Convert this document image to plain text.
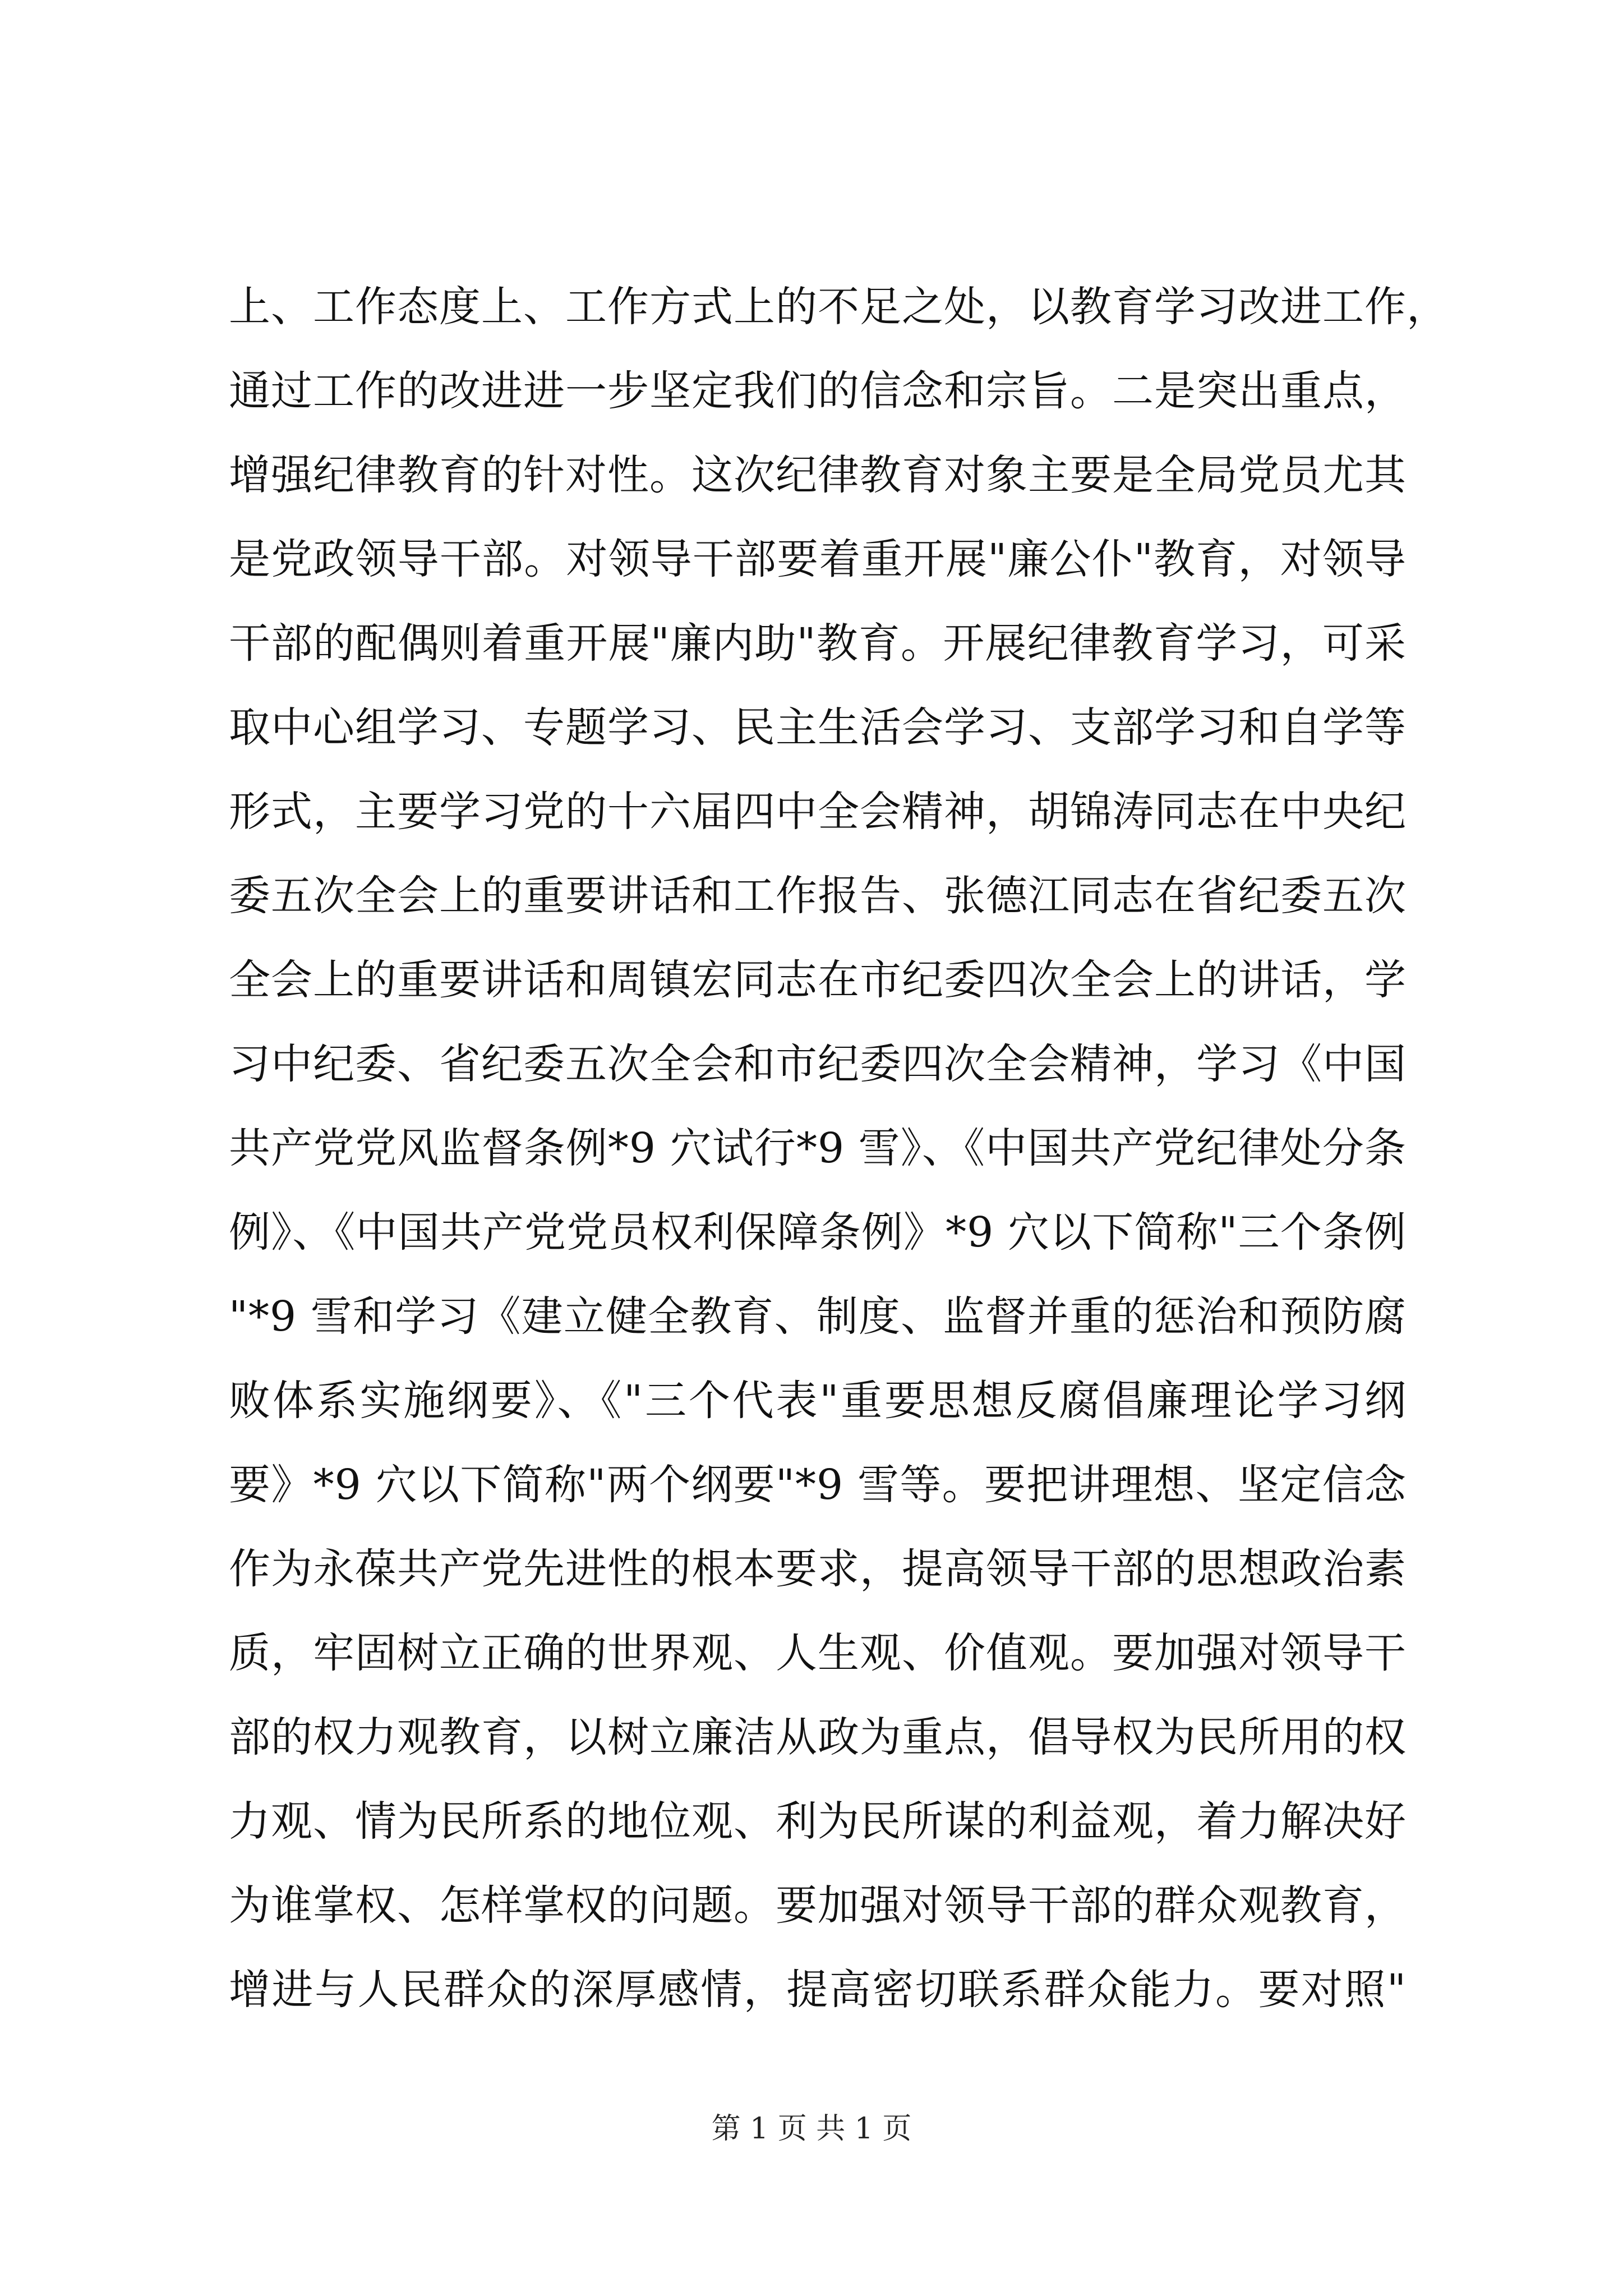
上、工作态度上、工作方式上的不足之处，以教育学习改进工作，
通过工作的改进进一步坚定我们的信念和宗旨。二是突出重点，
增强纪律教育的针对性。这次纪律教育对象主要是全局党员尤其
是党政领导干部。对领导干部要着重开展"廉公仆"教育，对领导
干部的配偶则着重开展"廉内助"教育。开展纪律教育学习，可采
取中心组学习、专题学习、民主生活会学习、支部学习和自学等
形式，主要学习党的十六届四中全会精神，胡锦涛同志在中央纪
委五次全会上的重要讲话和工作报告、张德江同志在省纪委五次
全会上的重要讲话和周镇宏同志在市纪委四次全会上的讲话，学
习中纪委、省纪委五次全会和市纪委四次全会精神，学习《中国
共产党党风监督条例*9 穴试行*9 雪》、《中国共产党纪律处分条
例》、《中国共产党党员权利保障条例》*9 穴以下简称"三个条例
"*9 雪和学习《建立健全教育、制度、监督并重的惩治和预防腐
败体系实施纲要》、《"三个代表"重要思想反腐倡廉理论学习纲
要》*9 穴以下简称"两个纲要"*9 雪等。要把讲理想、坚定信念
作为永葆共产党先进性的根本要求，提高领导干部的思想政治素
质，牢固树立正确的世界观、人生观、价值观。要加强对领导干
部的权力观教育，以树立廉洁从政为重点，倡导权为民所用的权
力观、情为民所系的地位观、利为民所谋的利益观，着力解决好
为谁掌权、怎样掌权的问题。要加强对领导干部的群众观教育，
增进与人民群众的深厚感情，提高密切联系群众能力。要对照"
第 1 页 共 1 页
